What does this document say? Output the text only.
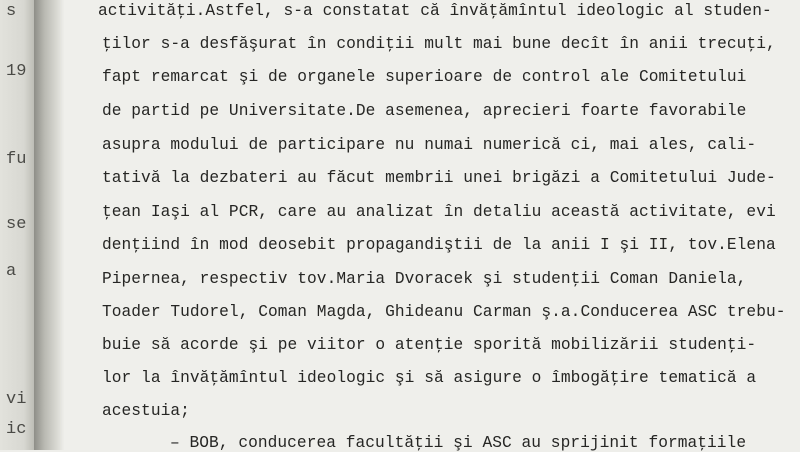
s
19
fu
se
a
vi
ic
activităţi.Astfel, s-a constatat că învăţămîntul ideologic al studen-
ţilor s-a desfăşurat în condiţii mult mai bune decît în anii trecuţi,
fapt remarcat şi de organele superioare de control ale Comitetului
de partid pe Universitate.De asemenea, aprecieri foarte favorabile
asupra modului de participare nu numai numerică ci, mai ales, cali-
tativă la dezbateri au făcut membrii unei brigăzi a Comitetului Jude-
ţean Iaşi al PCR, care au analizat în detaliu această activitate, evi
denţiind în mod deosebit propagandiştii de la anii I şi II, tov.Elena
Pipernea, respectiv tov.Maria Dvoracek şi studenţii Coman Daniela,
Toader Tudorel, Coman Magda, Ghideanu Carman ş.a.Conducerea ASC trebu-
buie să acorde şi pe viitor o atenţie sporită mobilizării studenţi-
lor la învăţămîntul ideologic şi să asigure o îmbogăţire tematică a
acestuia;
– BOB, conducerea facultăţii şi ASC au sprijinit formaţiile
